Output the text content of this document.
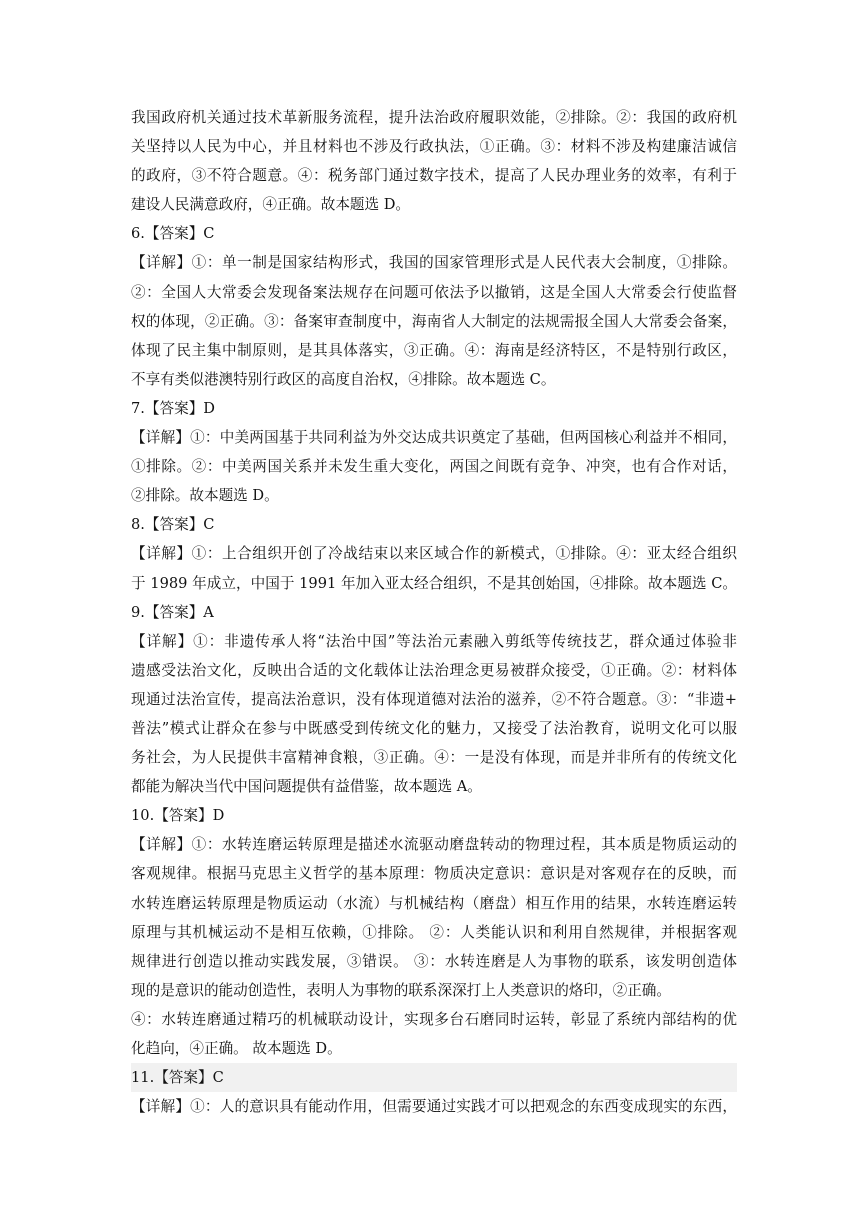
我国政府机关通过技术革新服务流程，提升法治政府履职效能，②排除。②：我国的政府机
关坚持以人民为中心，并且材料也不涉及行政执法，①正确。③：材料不涉及构建廉洁诚信
的政府，③不符合题意。④：税务部门通过数字技术，提高了人民办理业务的效率，有利于
建设人民满意政府，④正确。故本题选 D。
6.【答案】C
【详解】①：单一制是国家结构形式，我国的国家管理形式是人民代表大会制度，①排除。
②：全国人大常委会发现备案法规存在问题可依法予以撤销，这是全国人大常委会行使监督
权的体现，②正确。③：备案审查制度中，海南省人大制定的法规需报全国人大常委会备案，
体现了民主集中制原则，是其具体落实，③正确。④：海南是经济特区，不是特别行政区，
不享有类似港澳特别行政区的高度自治权，④排除。故本题选 C。
7.【答案】D
【详解】①：中美两国基于共同利益为外交达成共识奠定了基础，但两国核心利益并不相同，
①排除。②：中美两国关系并未发生重大变化，两国之间既有竞争、冲突，也有合作对话，
②排除。故本题选 D。
8.【答案】C
【详解】①：上合组织开创了冷战结束以来区域合作的新模式，①排除。④：亚太经合组织
于 1989 年成立，中国于 1991 年加入亚太经合组织，不是其创始国，④排除。故本题选 C。
9.【答案】A
【详解】①：非遗传承人将“法治中国”等法治元素融入剪纸等传统技艺，群众通过体验非
遗感受法治文化，反映出合适的文化载体让法治理念更易被群众接受，①正确。②：材料体
现通过法治宣传，提高法治意识，没有体现道德对法治的滋养，②不符合题意。③：“非遗+
普法”模式让群众在参与中既感受到传统文化的魅力，又接受了法治教育，说明文化可以服
务社会，为人民提供丰富精神食粮，③正确。④：一是没有体现，而是并非所有的传统文化
都能为解决当代中国问题提供有益借鉴，故本题选 A。
10.【答案】D
【详解】①：水转连磨运转原理是描述水流驱动磨盘转动的物理过程，其本质是物质运动的
客观规律。根据马克思主义哲学的基本原理：物质决定意识：意识是对客观存在的反映，而
水转连磨运转原理是物质运动（水流）与机械结构（磨盘）相互作用的结果，水转连磨运转
原理与其机械运动不是相互依赖，①排除。 ②：人类能认识和利用自然规律，并根据客观
规律进行创造以推动实践发展，③错误。 ③：水转连磨是人为事物的联系，该发明创造体
现的是意识的能动创造性，表明人为事物的联系深深打上人类意识的烙印，②正确。
④：水转连磨通过精巧的机械联动设计，实现多台石磨同时运转，彰显了系统内部结构的优
化趋向，④正确。 故本题选 D。
11.【答案】C
【详解】①：人的意识具有能动作用，但需要通过实践才可以把观念的东西变成现实的东西，
